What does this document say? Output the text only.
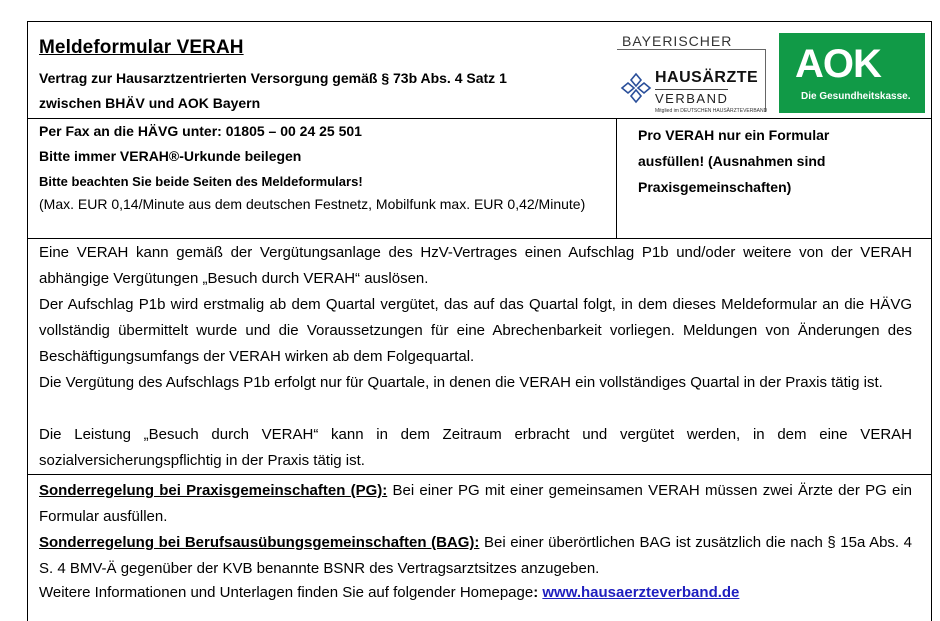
Meldeformular VERAH
Vertrag zur Hausarztzentrierten Versorgung gemäß § 73b Abs. 4 Satz 1
zwischen BHÄV und AOK Bayern
BAYERISCHER
HAUSÄRZTE
VERBAND
Mitglied im DEUTSCHEN HAUSÄRZTEVERBAND
AOK
Die Gesundheitskasse.
Per Fax an die HÄVG unter: 01805 – 00 24 25 501
Bitte immer VERAH®-Urkunde beilegen
Bitte beachten Sie beide Seiten des Meldeformulars!
(Max. EUR 0,14/Minute aus dem deutschen Festnetz, Mobilfunk max. EUR 0,42/Minute)
Pro VERAH nur ein Formular ausfüllen! (Ausnahmen sind Praxisgemeinschaften)
Eine VERAH kann gemäß der Vergütungsanlage des HzV-Vertrages einen Aufschlag P1b und/oder weitere von der VERAH abhängige Vergütungen „Besuch durch VERAH“ auslösen.
Der Aufschlag P1b wird erstmalig ab dem Quartal vergütet, das auf das Quartal folgt, in dem dieses Meldeformular an die HÄVG vollständig übermittelt wurde und die Voraussetzungen für eine Abrechenbarkeit vorliegen. Meldungen von Änderungen des Beschäftigungsumfangs der VERAH wirken ab dem Folgequartal.
Die Vergütung des Aufschlags P1b erfolgt nur für Quartale, in denen die VERAH ein vollständiges Quartal in der Praxis tätig ist.
Die Leistung „Besuch durch VERAH“ kann in dem Zeitraum erbracht und vergütet werden, in dem eine VERAH sozialversicherungspflichtig in der Praxis tätig ist.
Sonderregelung bei Praxisgemeinschaften (PG): Bei einer PG mit einer gemeinsamen VERAH müssen zwei Ärzte der PG ein Formular ausfüllen.
Sonderregelung bei Berufsausübungsgemeinschaften (BAG): Bei einer überörtlichen BAG ist zusätzlich die nach § 15a Abs. 4 S. 4 BMV-Ä gegenüber der KVB benannte BSNR des Vertragsarztsitzes anzugeben.
Weitere Informationen und Unterlagen finden Sie auf folgender Homepage: www.hausaerzteverband.de
